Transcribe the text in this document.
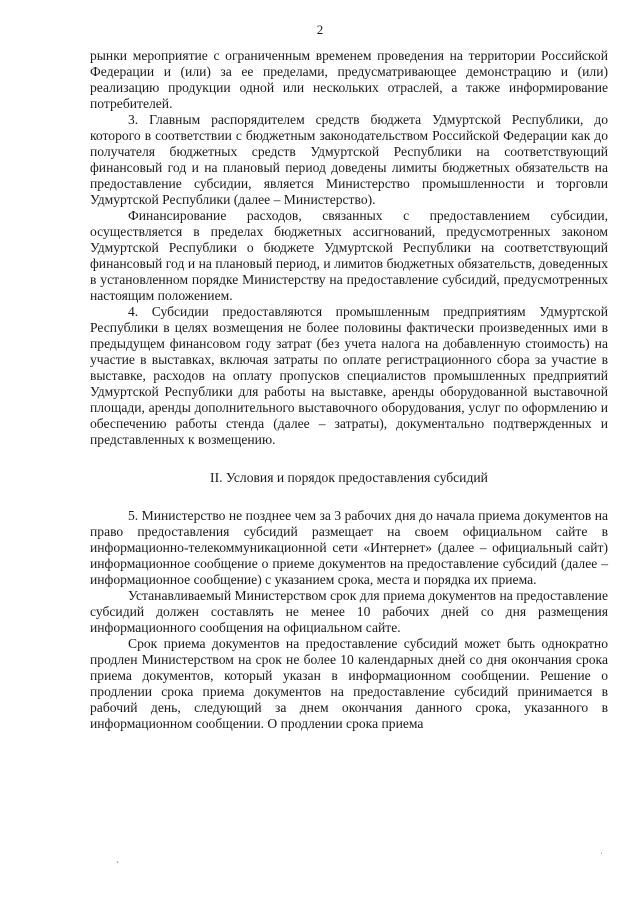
2

рынки мероприятие с ограниченным временем проведения на территории Российской Федерации и (или) за ее пределами, предусматривающее демонстрацию и (или) реализацию продукции одной или нескольких отраслей, а также информирование потребителей.

3. Главным распорядителем средств бюджета Удмуртской Республики, до которого в соответствии с бюджетным законодательством Российской Федерации как до получателя бюджетных средств Удмуртской Республики на соответствующий финансовый год и на плановый период доведены лимиты бюджетных обязательств на предоставление субсидии, является Министерство промышленности и торговли Удмуртской Республики (далее – Министерство).

Финансирование расходов, связанных с предоставлением субсидии, осуществляется в пределах бюджетных ассигнований, предусмотренных законом Удмуртской Республики о бюджете Удмуртской Республики на соответствующий финансовый год и на плановый период, и лимитов бюджетных обязательств, доведенных в установленном порядке Министерству на предоставление субсидий, предусмотренных настоящим положением.

4. Субсидии предоставляются промышленным предприятиям Удмуртской Республики в целях возмещения не более половины фактически произведенных ими в предыдущем финансовом году затрат (без учета налога на добавленную стоимость) на участие в выставках, включая затраты по оплате регистрационного сбора за участие в выставке, расходов на оплату пропусков специалистов промышленных предприятий Удмуртской Республики для работы на выставке, аренды оборудованной выставочной площади, аренды дополнительного выставочного оборудования, услуг по оформлению и обеспечению работы стенда (далее – затраты), документально подтвержденных и представленных к возмещению.

II. Условия и порядок предоставления субсидий

5. Министерство не позднее чем за 3 рабочих дня до начала приема документов на право предоставления субсидий размещает на своем официальном сайте в информационно-телекоммуникационной сети «Интернет» (далее – официальный сайт) информационное сообщение о приеме документов на предоставление субсидий (далее – информационное сообщение) с указанием срока, места и порядка их приема.

Устанавливаемый Министерством срок для приема документов на предоставление субсидий должен составлять не менее 10 рабочих дней со дня размещения информационного сообщения на официальном сайте.

Срок приема документов на предоставление субсидий может быть однократно продлен Министерством на срок не более 10 календарных дней со дня окончания срока приема документов, который указан в информационном сообщении. Решение о продлении срока приема документов на предоставление субсидий принимается в рабочий день, следующий за днем окончания данного срока, указанного в информационном сообщении. О продлении срока приема

ˎ	ˈ
